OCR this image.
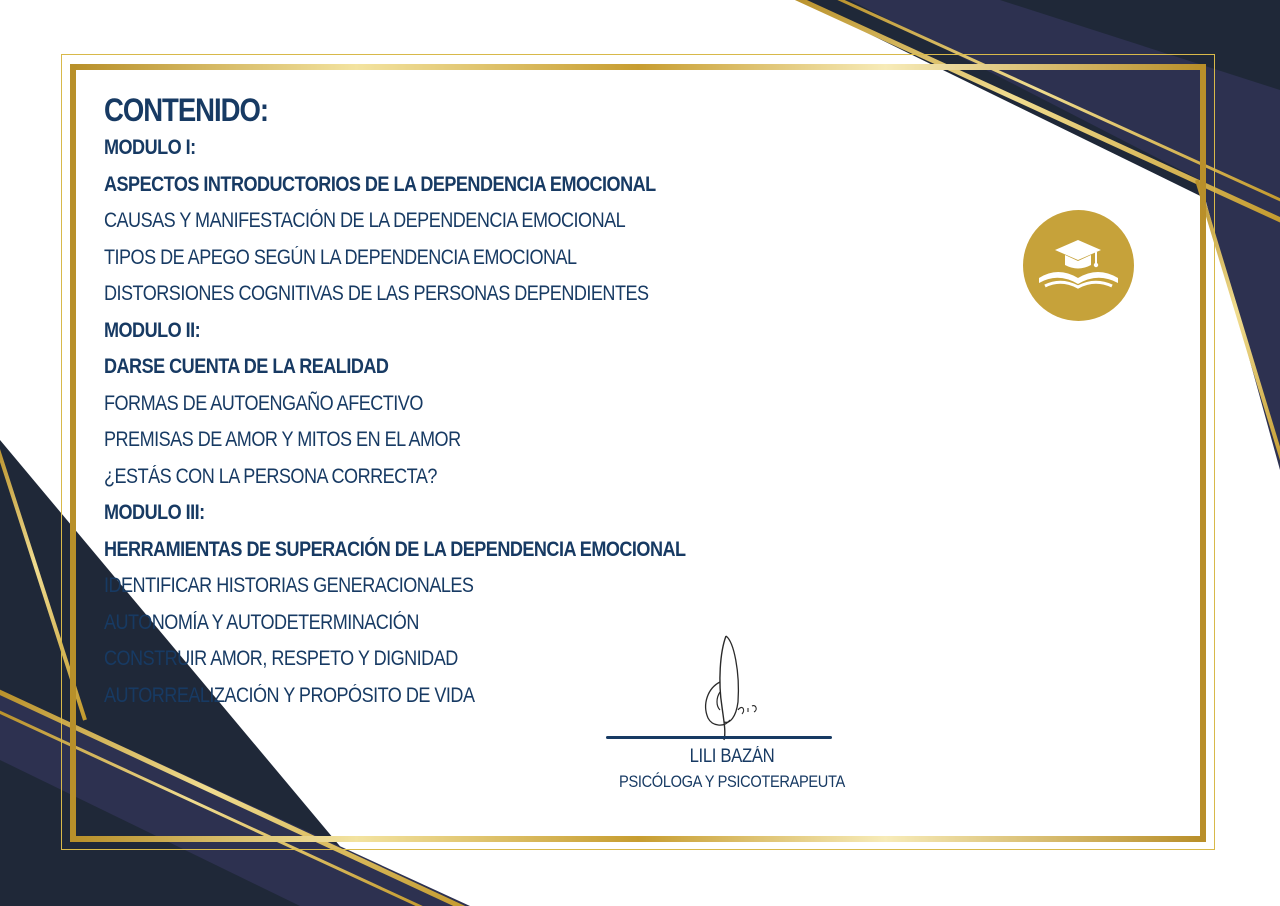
CONTENIDO:
MODULO I:
ASPECTOS INTRODUCTORIOS DE LA DEPENDENCIA EMOCIONAL
CAUSAS Y MANIFESTACIÓN DE LA DEPENDENCIA EMOCIONAL
TIPOS DE APEGO SEGÚN LA DEPENDENCIA EMOCIONAL
DISTORSIONES COGNITIVAS DE LAS PERSONAS DEPENDIENTES
MODULO II:
DARSE CUENTA DE LA REALIDAD
FORMAS DE AUTOENGAÑO AFECTIVO
PREMISAS DE AMOR Y MITOS EN EL AMOR
¿ESTÁS CON LA PERSONA CORRECTA?
MODULO III:
HERRAMIENTAS DE SUPERACIÓN DE LA DEPENDENCIA EMOCIONAL
IDENTIFICAR HISTORIAS GENERACIONALES
AUTONOMÍA Y AUTODETERMINACIÓN
CONSTRUIR AMOR, RESPETO Y DIGNIDAD
AUTORREALIZACIÓN Y PROPÓSITO DE VIDA
LILI BAZÁN
PSICÓLOGA Y PSICOTERAPEUTA
